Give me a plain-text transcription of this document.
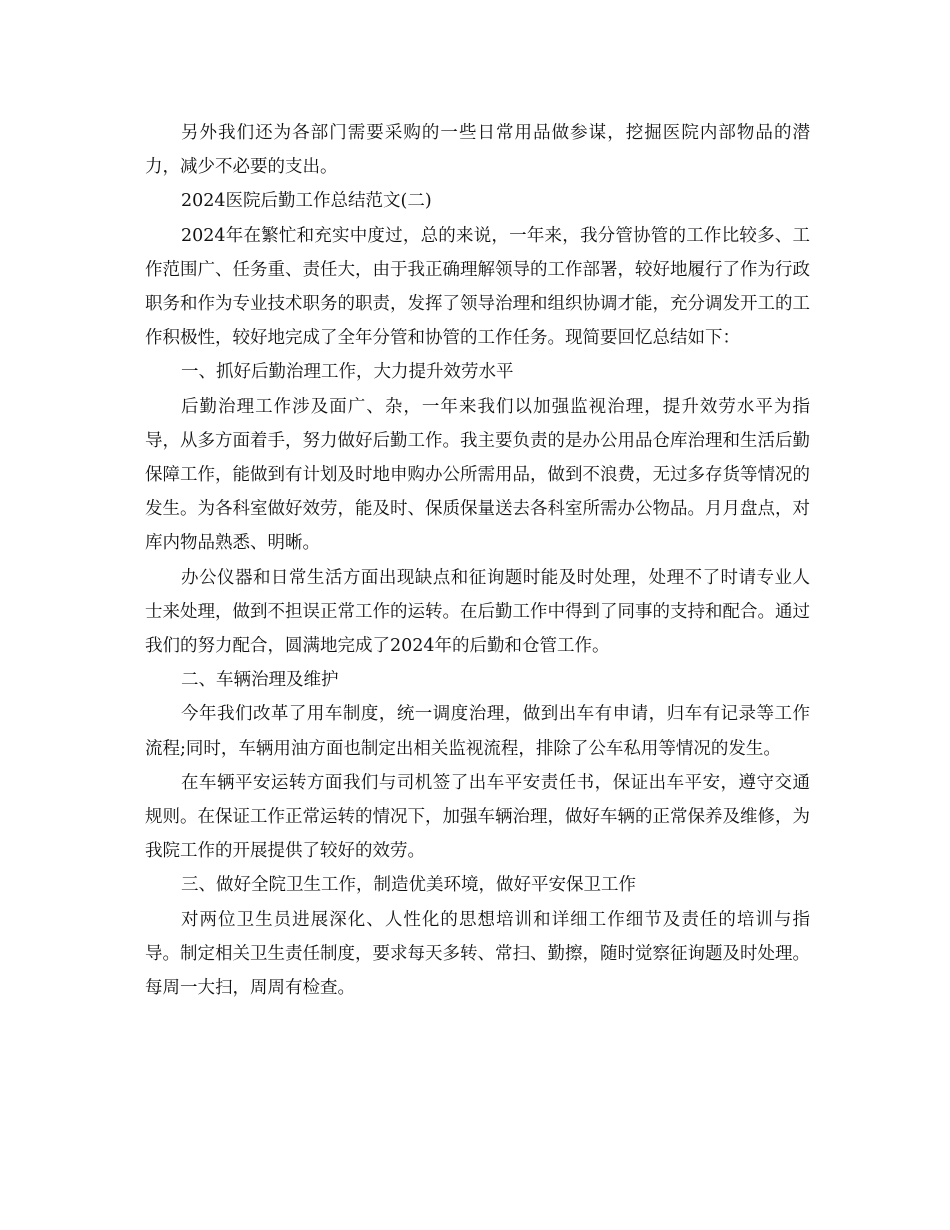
另外我们还为各部门需要采购的一些日常用品做参谋，挖掘医院内部物品的潜力，减少不必要的支出。

2024医院后勤工作总结范文(二)

2024年在繁忙和充实中度过，总的来说，一年来，我分管协管的工作比较多、工作范围广、任务重、责任大，由于我正确理解领导的工作部署，较好地履行了作为行政职务和作为专业技术职务的职责，发挥了领导治理和组织协调才能，充分调发开工的工作积极性，较好地完成了全年分管和协管的工作任务。现简要回忆总结如下：

一、抓好后勤治理工作，大力提升效劳水平

后勤治理工作涉及面广、杂，一年来我们以加强监视治理，提升效劳水平为指导，从多方面着手，努力做好后勤工作。我主要负责的是办公用品仓库治理和生活后勤保障工作，能做到有计划及时地申购办公所需用品，做到不浪费，无过多存货等情况的发生。为各科室做好效劳，能及时、保质保量送去各科室所需办公物品。月月盘点，对库内物品熟悉、明晰。

办公仪器和日常生活方面出现缺点和征询题时能及时处理，处理不了时请专业人士来处理，做到不担误正常工作的运转。在后勤工作中得到了同事的支持和配合。通过我们的努力配合，圆满地完成了2024年的后勤和仓管工作。

二、车辆治理及维护

今年我们改革了用车制度，统一调度治理，做到出车有申请，归车有记录等工作流程;同时，车辆用油方面也制定出相关监视流程，排除了公车私用等情况的发生。

在车辆平安运转方面我们与司机签了出车平安责任书，保证出车平安，遵守交通规则。在保证工作正常运转的情况下，加强车辆治理，做好车辆的正常保养及维修，为我院工作的开展提供了较好的效劳。

三、做好全院卫生工作，制造优美环境，做好平安保卫工作

对两位卫生员进展深化、人性化的思想培训和详细工作细节及责任的培训与指导。制定相关卫生责任制度，要求每天多转、常扫、勤擦，随时觉察征询题及时处理。每周一大扫，周周有检查。
